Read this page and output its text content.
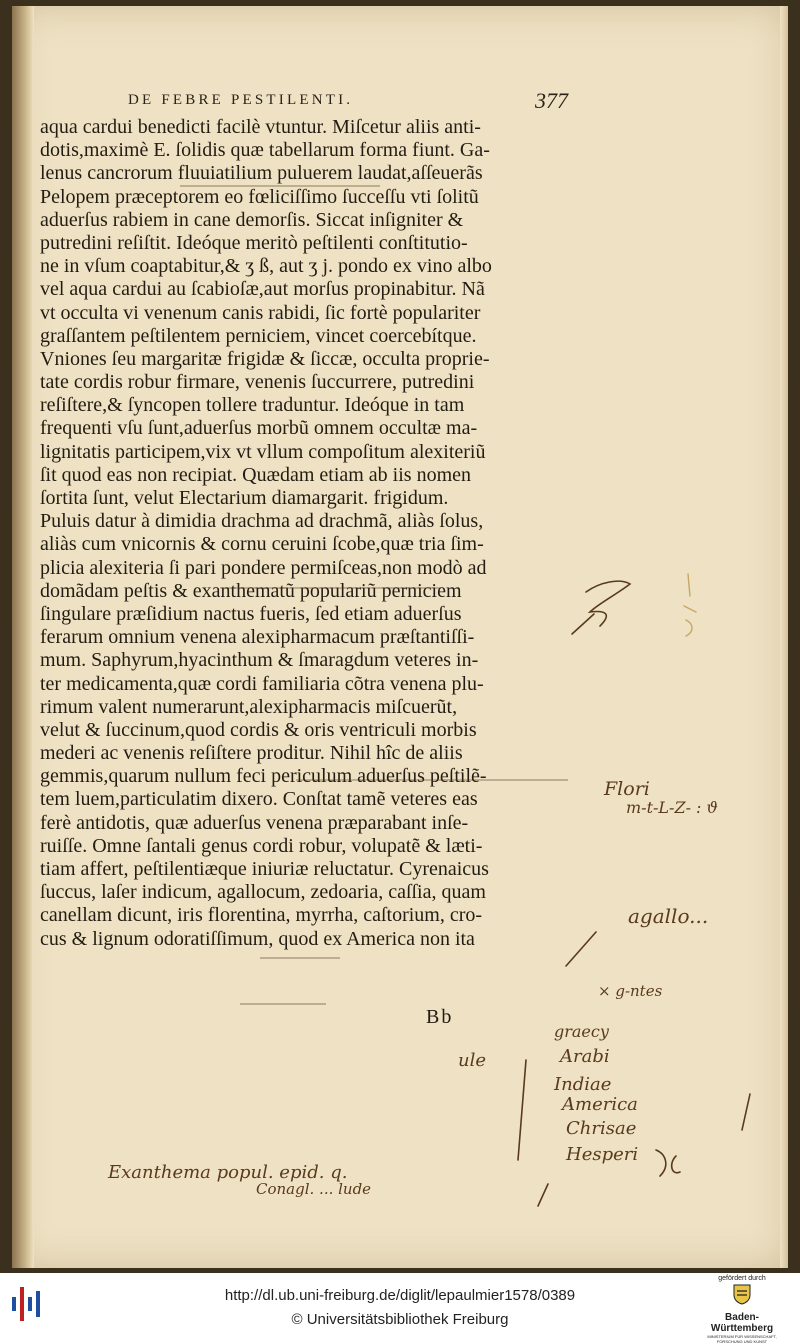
DE FEBRE PESTILENTI.	377
aqua cardui benedicti facilè vtuntur. Miſcetur aliis anti-
dotis,maximè E. ſolidis quæ tabellarum forma fiunt. Ga-
lenus cancrorum fluuiatilium puluerem laudat,aſſeuerãs
Pelopem præceptorem eo fœliciſſimo ſucceſſu vti ſolitũ
aduerſus rabiem in cane demorſis. Siccat inſigniter &
putredini reſiſtit. Ideóque meritò peſtilenti conſtitutio-
ne in vſum coaptabitur,& ʒ ß, aut ʒ j. pondo ex vino albo
vel aqua cardui au ſcabioſæ,aut morſus propinabitur. Nã
vt occulta vi venenum canis rabidi, ſic fortè populariter
graſſantem peſtilentem perniciem, vincet coercebítque.
Vniones ſeu margaritæ frigidæ & ſiccæ, occulta proprie-
tate cordis robur firmare, venenis ſuccurrere, putredini
reſiſtere,& ſyncopen tollere traduntur. Ideóque in tam
frequenti vſu ſunt,aduerſus morbũ omnem occultæ ma-
lignitatis participem,vix vt vllum compoſitum alexiteriũ
ſit quod eas non recipiat. Quædam etiam ab iis nomen
ſortita ſunt, velut Electarium diamargarit. frigidum.
Puluis datur à dimidia drachma ad drachmã, aliàs ſolus,
aliàs cum vnicornis & cornu ceruini ſcobe,quæ tria ſim-
plicia alexiteria ſi pari pondere permiſceas,non modò ad
domãdam peſtis & exanthematũ populariũ perniciem
ſingulare præſidium nactus fueris, ſed etiam aduerſus
ferarum omnium venena alexipharmacum præſtantiſſi-
mum. Saphyrum,hyacinthum & ſmaragdum veteres in-
ter medicamenta,quæ cordi familiaria cõtra venena plu-
rimum valent numerarunt,alexipharmacis miſcuerũt,
velut & ſuccinum,quod cordis & oris ventriculi morbis
mederi ac venenis reſiſtere proditur. Nihil hîc de aliis
gemmis,quarum nullum feci periculum aduerſus peſtilẽ-
tem luem,particulatim dixero. Conſtat tamẽ veteres eas
ferè antidotis, quæ aduerſus venena præparabant inſe-
ruiſſe. Omne ſantali genus cordi robur, volupatẽ & læti-
tiam affert, peſtilentiæque iniuriæ reluctatur. Cyrenaicus
ſuccus, laſer indicum, agallocum, zedoaria, caſſia, quam
canellam dicunt, iris florentina, myrrha, caſtorium, cro-
cus & lignum odoratiſſimum, quod ex America non ita
Bb
Flori
m-t-L-Z- : ϑ
agallo...
× g-ntes
ule
graecy
Arabi
Indiae
America
Chrisae
Hesperi
Exanthema popul. epid. q.
Conagl. ... lude
http://dl.ub.uni-freiburg.de/diglit/lepaulmier1578/0389
© Universitätsbibliothek Freiburg
gefördert durch
Baden-Württemberg
MINISTERIUM FÜR WISSENSCHAFT, FORSCHUNG UND KUNST
